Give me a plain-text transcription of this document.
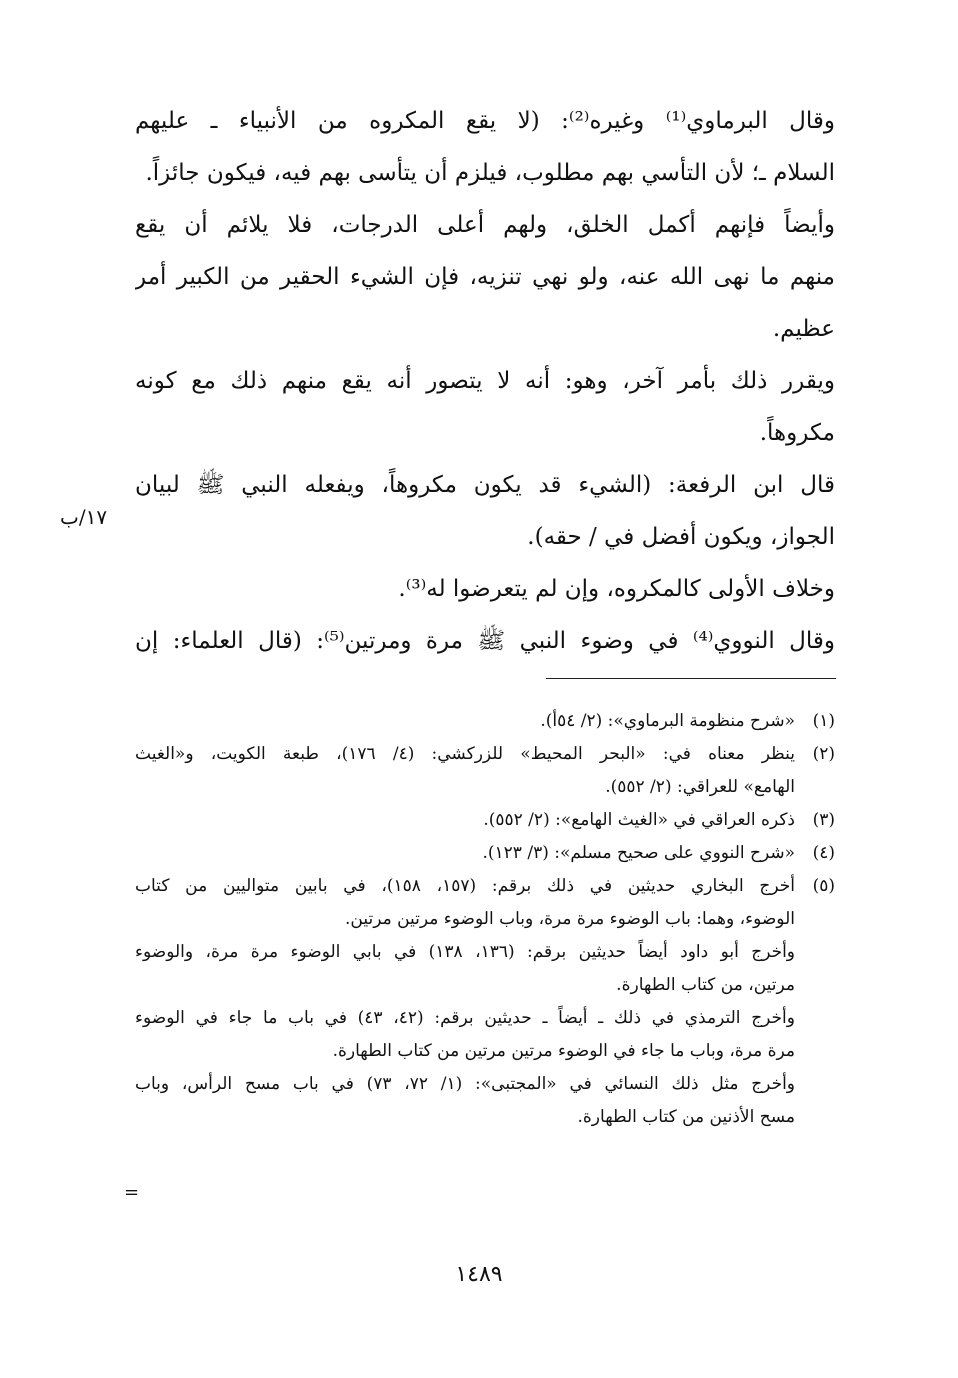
وقال البرماوي⁽¹⁾ وغيره⁽²⁾: (لا يقع المكروه من الأنبياء ـ عليهم
السلام ـ؛ لأن التأسي بهم مطلوب، فيلزم أن يتأسى بهم فيه، فيكون جائزاً.
وأيضاً فإنهم أكمل الخلق، ولهم أعلى الدرجات، فلا يلائم أن يقع
منهم ما نهى الله عنه، ولو نهي تنزيه، فإن الشيء الحقير من الكبير أمر
عظيم.
ويقرر ذلك بأمر آخر، وهو: أنه لا يتصور أنه يقع منهم ذلك مع كونه
مكروهاً.
قال ابن الرفعة: (الشيء قد يكون مكروهاً، ويفعله النبي ﷺ لبيان
الجواز، ويكون أفضل في / حقه).
وخلاف الأولى كالمكروه، وإن لم يتعرضوا له⁽³⁾.
وقال النووي⁽⁴⁾ في وضوء النبي ﷺ مرة ومرتين⁽⁵⁾: (قال العلماء: إن
١٧/ب
(١)
«شرح منظومة البرماوي»: (٢/ ٥٤أ).
(٢)
ينظر معناه في: «البحر المحيط» للزركشي: (٤/ ١٧٦)، طبعة الكويت، و«الغيث
الهامع» للعراقي: (٢/ ٥٥٢).
(٣)
ذكره العراقي في «الغيث الهامع»: (٢/ ٥٥٢).
(٤)
«شرح النووي على صحيح مسلم»: (٣/ ١٢٣).
(٥)
أخرج البخاري حديثين في ذلك برقم: (١٥٧، ١٥٨)، في بابين متواليين من كتاب
الوضوء، وهما: باب الوضوء مرة مرة، وباب الوضوء مرتين مرتين.
وأخرج أبو داود أيضاً حديثين برقم: (١٣٦، ١٣٨) في بابي الوضوء مرة مرة، والوضوء
مرتين، من كتاب الطهارة.
وأخرج الترمذي في ذلك ـ أيضاً ـ حديثين برقم: (٤٢، ٤٣) في باب ما جاء في الوضوء
مرة مرة، وباب ما جاء في الوضوء مرتين مرتين من كتاب الطهارة.
وأخرج مثل ذلك النسائي في «المجتبى»: (١/ ٧٢، ٧٣) في باب مسح الرأس، وباب
مسح الأذنين من كتاب الطهارة.
=
١٤٨٩
